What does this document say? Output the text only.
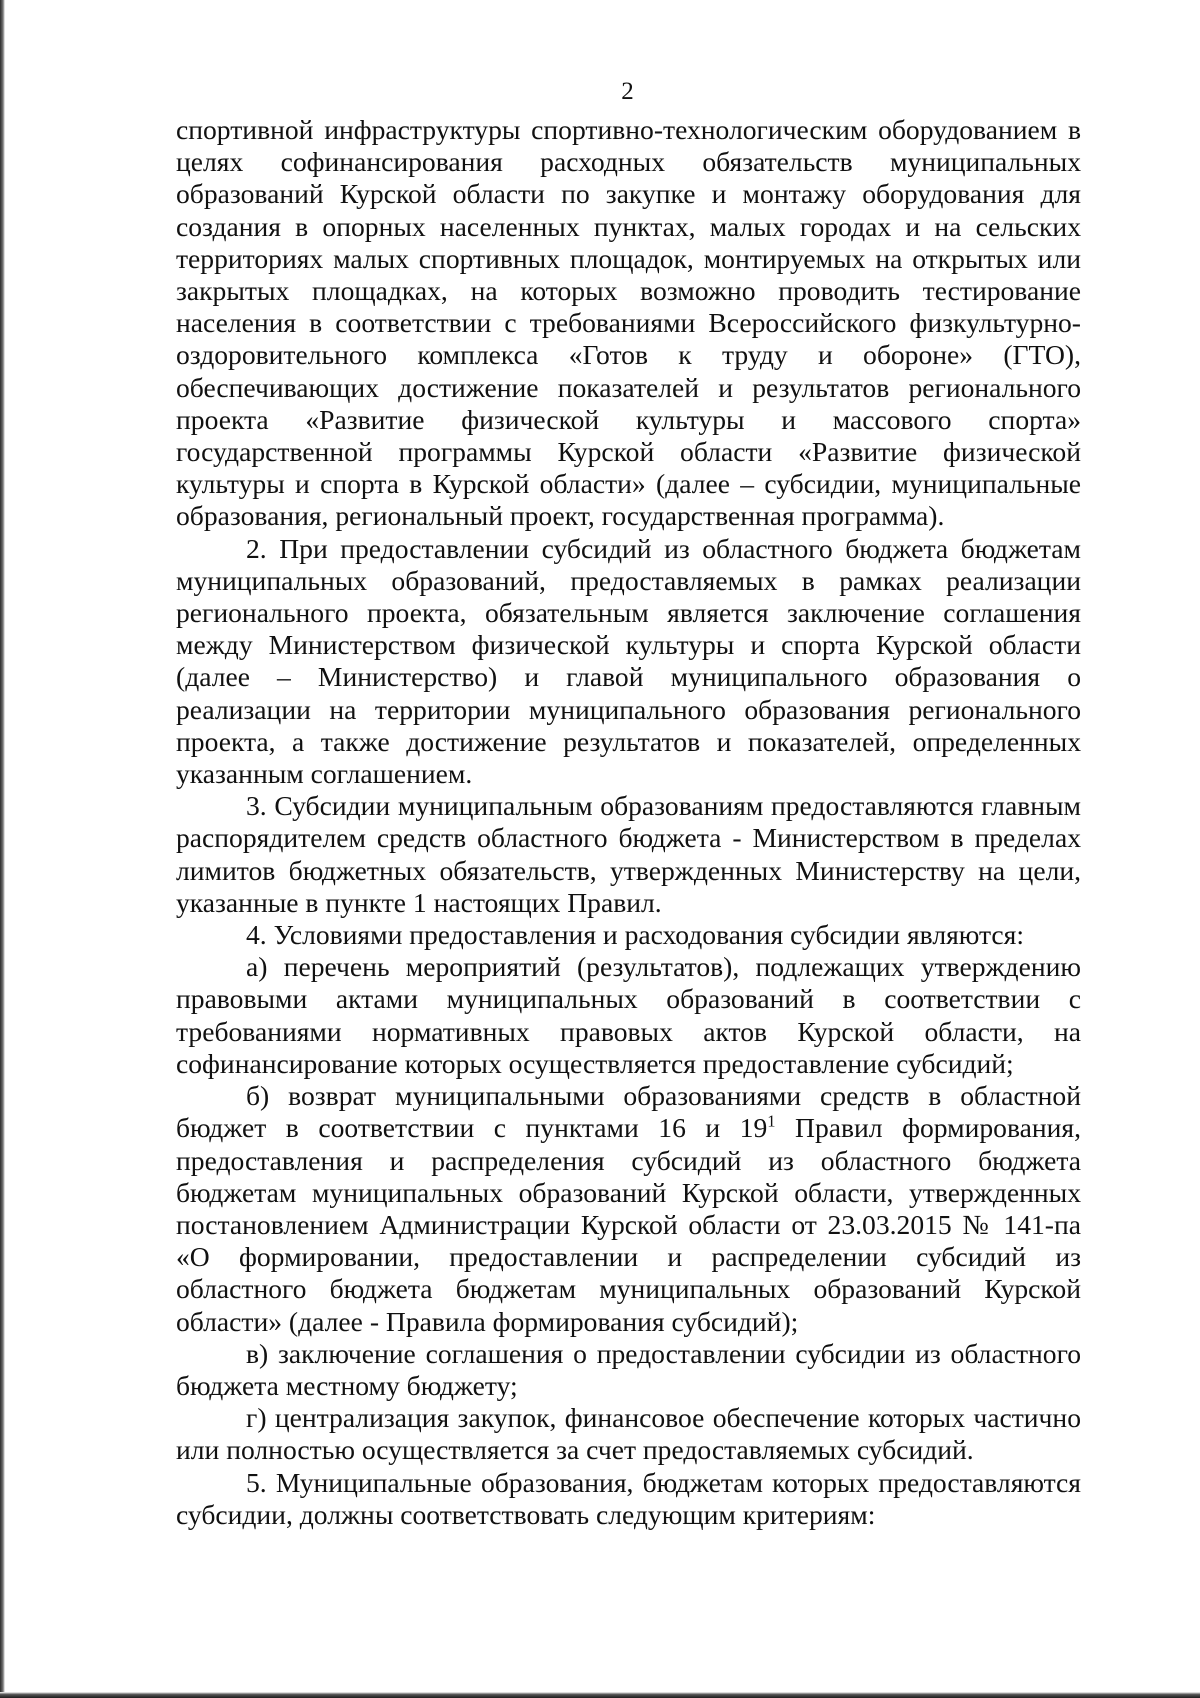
2

спортивной инфраструктуры спортивно-технологическим оборудованием в целях софинансирования расходных обязательств муниципальных образований Курской области по закупке и монтажу оборудования для создания в опорных населенных пунктах, малых городах и на сельских территориях малых спортивных площадок, монтируемых на открытых или закрытых площадках, на которых возможно проводить тестирование населения в соответствии с требованиями Всероссийского физкультурно-оздоровительного комплекса «Готов к труду и обороне» (ГТО), обеспечивающих достижение показателей и результатов регионального проекта «Развитие физической культуры и массового спорта» государственной программы Курской области «Развитие физической культуры и спорта в Курской области» (далее – субсидии, муниципальные образования, региональный проект, государственная программа).

2. При предоставлении субсидий из областного бюджета бюджетам муниципальных образований, предоставляемых в рамках реализации регионального проекта, обязательным является заключение соглашения между Министерством физической культуры и спорта Курской области (далее – Министерство) и главой муниципального образования о реализации на территории муниципального образования регионального проекта, а также достижение результатов и показателей, определенных указанным соглашением.

3. Субсидии муниципальным образованиям предоставляются главным распорядителем средств областного бюджета - Министерством в пределах лимитов бюджетных обязательств, утвержденных Министерству на цели, указанные в пункте 1 настоящих Правил.

4. Условиями предоставления и расходования субсидии являются:

а) перечень мероприятий (результатов), подлежащих утверждению правовыми актами муниципальных образований в соответствии с требованиями нормативных правовых актов Курской области, на софинансирование которых осуществляется предоставление субсидий;

б) возврат муниципальными образованиями средств в областной бюджет в соответствии с пунктами 16 и $19^1$ Правил формирования, предоставления и распределения субсидий из областного бюджета бюджетам муниципальных образований Курской области, утвержденных постановлением Администрации Курской области от 23.03.2015 № 141-па «О формировании, предоставлении и распределении субсидий из областного бюджета бюджетам муниципальных образований Курской области» (далее - Правила формирования субсидий);

в) заключение соглашения о предоставлении субсидии из областного бюджета местному бюджету;

г) централизация закупок, финансовое обеспечение которых частично или полностью осуществляется за счет предоставляемых субсидий.

5. Муниципальные образования, бюджетам которых предоставляются субсидии, должны соответствовать следующим критериям:
